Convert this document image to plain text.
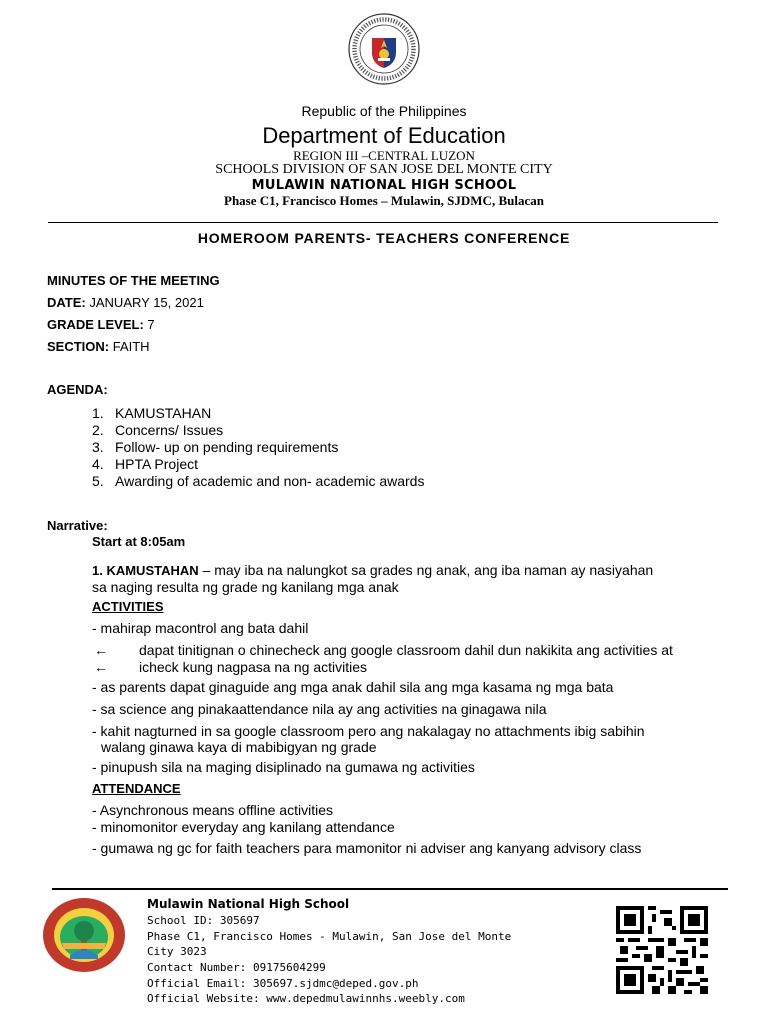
Republic of the Philippines
Department of Education
REGION III –CENTRAL LUZON
SCHOOLS DIVISION OF SAN JOSE DEL MONTE CITY
MULAWIN NATIONAL HIGH SCHOOL
Phase C1, Francisco Homes – Mulawin, SJDMC, Bulacan
HOMEROOM PARENTS- TEACHERS CONFERENCE
MINUTES OF THE MEETING
DATE: JANUARY 15, 2021
GRADE LEVEL: 7
SECTION: FAITH
AGENDA:
1. KAMUSTAHAN
2. Concerns/ Issues
3. Follow- up on pending requirements
4. HPTA Project
5. Awarding of academic and non- academic awards
Narrative:
Start at 8:05am
1. KAMUSTAHAN – may iba na nalungkot sa grades ng anak, ang iba naman ay nasiyahan
sa naging resulta ng grade ng kanilang mga anak
ACTIVITIES
- mahirap macontrol ang bata dahil
← dapat tinitignan o chinecheck ang google classroom dahil dun nakikita ang activities at
← icheck kung nagpasa na ng activities
- as parents dapat ginaguide ang mga anak dahil sila ang mga kasama ng mga bata
- sa science ang pinakaattendance nila ay ang activities na ginagawa nila
- kahit nagturned in sa google classroom pero ang nakalagay no attachments ibig sabihin
walang ginawa kaya di mabibigyan ng grade
- pinupush sila na maging disiplinado na gumawa ng activities
ATTENDANCE
- Asynchronous means offline activities
- minomonitor everyday ang kanilang attendance
- gumawa ng gc for faith teachers para mamonitor ni adviser ang kanyang advisory class
Mulawin National High School
School ID: 305697
Phase C1, Francisco Homes - Mulawin, San Jose del Monte
City 3023
Contact Number: 09175604299
Official Email: 305697.sjdmc@deped.gov.ph
Official Website: www.depedmulawinnhs.weebly.com
